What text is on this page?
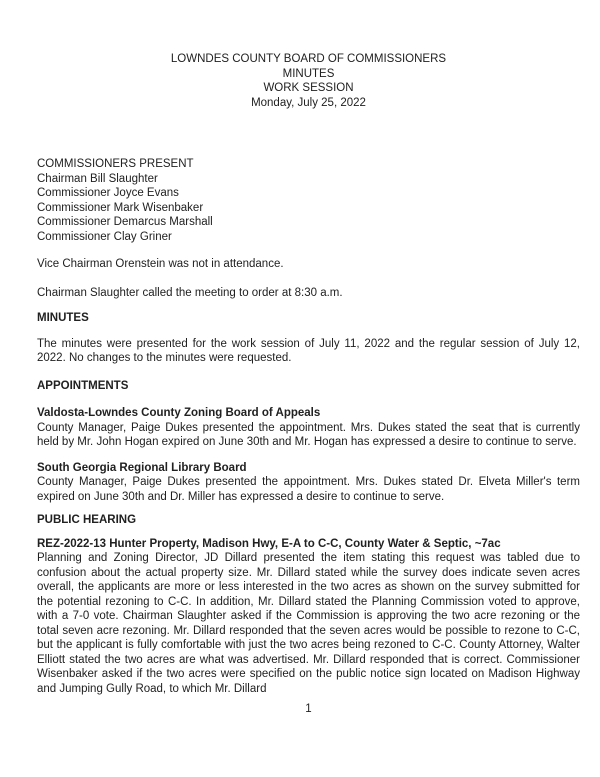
LOWNDES COUNTY BOARD OF COMMISSIONERS
MINUTES
WORK SESSION
Monday, July 25, 2022
COMMISSIONERS PRESENT
Chairman Bill Slaughter
Commissioner Joyce Evans
Commissioner Mark Wisenbaker
Commissioner Demarcus Marshall
Commissioner Clay Griner

Vice Chairman Orenstein was not in attendance.

Chairman Slaughter called the meeting to order at 8:30 a.m.

MINUTES

The minutes were presented for the work session of July 11, 2022 and the regular session of July 12, 2022. No changes to the minutes were requested.

APPOINTMENTS
Valdosta-Lowndes County Zoning Board of Appeals

County Manager, Paige Dukes presented the appointment. Mrs. Dukes stated the seat that is currently held by Mr. John Hogan expired on June 30th and Mr. Hogan has expressed a desire to continue to serve.

South Georgia Regional Library Board

County Manager, Paige Dukes presented the appointment. Mrs. Dukes stated Dr. Elveta Miller's term expired on June 30th and Dr. Miller has expressed a desire to continue to serve.

PUBLIC HEARING
REZ-2022-13 Hunter Property, Madison Hwy, E-A to C-C, County Water & Septic, ~7ac

Planning and Zoning Director, JD Dillard presented the item stating this request was tabled due to confusion about the actual property size. Mr. Dillard stated while the survey does indicate seven acres overall, the applicants are more or less interested in the two acres as shown on the survey submitted for the potential rezoning to C-C. In addition, Mr. Dillard stated the Planning Commission voted to approve, with a 7-0 vote. Chairman Slaughter asked if the Commission is approving the two acre rezoning or the total seven acre rezoning. Mr. Dillard responded that the seven acres would be possible to rezone to C-C, but the applicant is fully comfortable with just the two acres being rezoned to C-C. County Attorney, Walter Elliott stated the two acres are what was advertised. Mr. Dillard responded that is correct. Commissioner Wisenbaker asked if the two acres were specified on the public notice sign located on Madison Highway and Jumping Gully Road, to which Mr. Dillard

1
